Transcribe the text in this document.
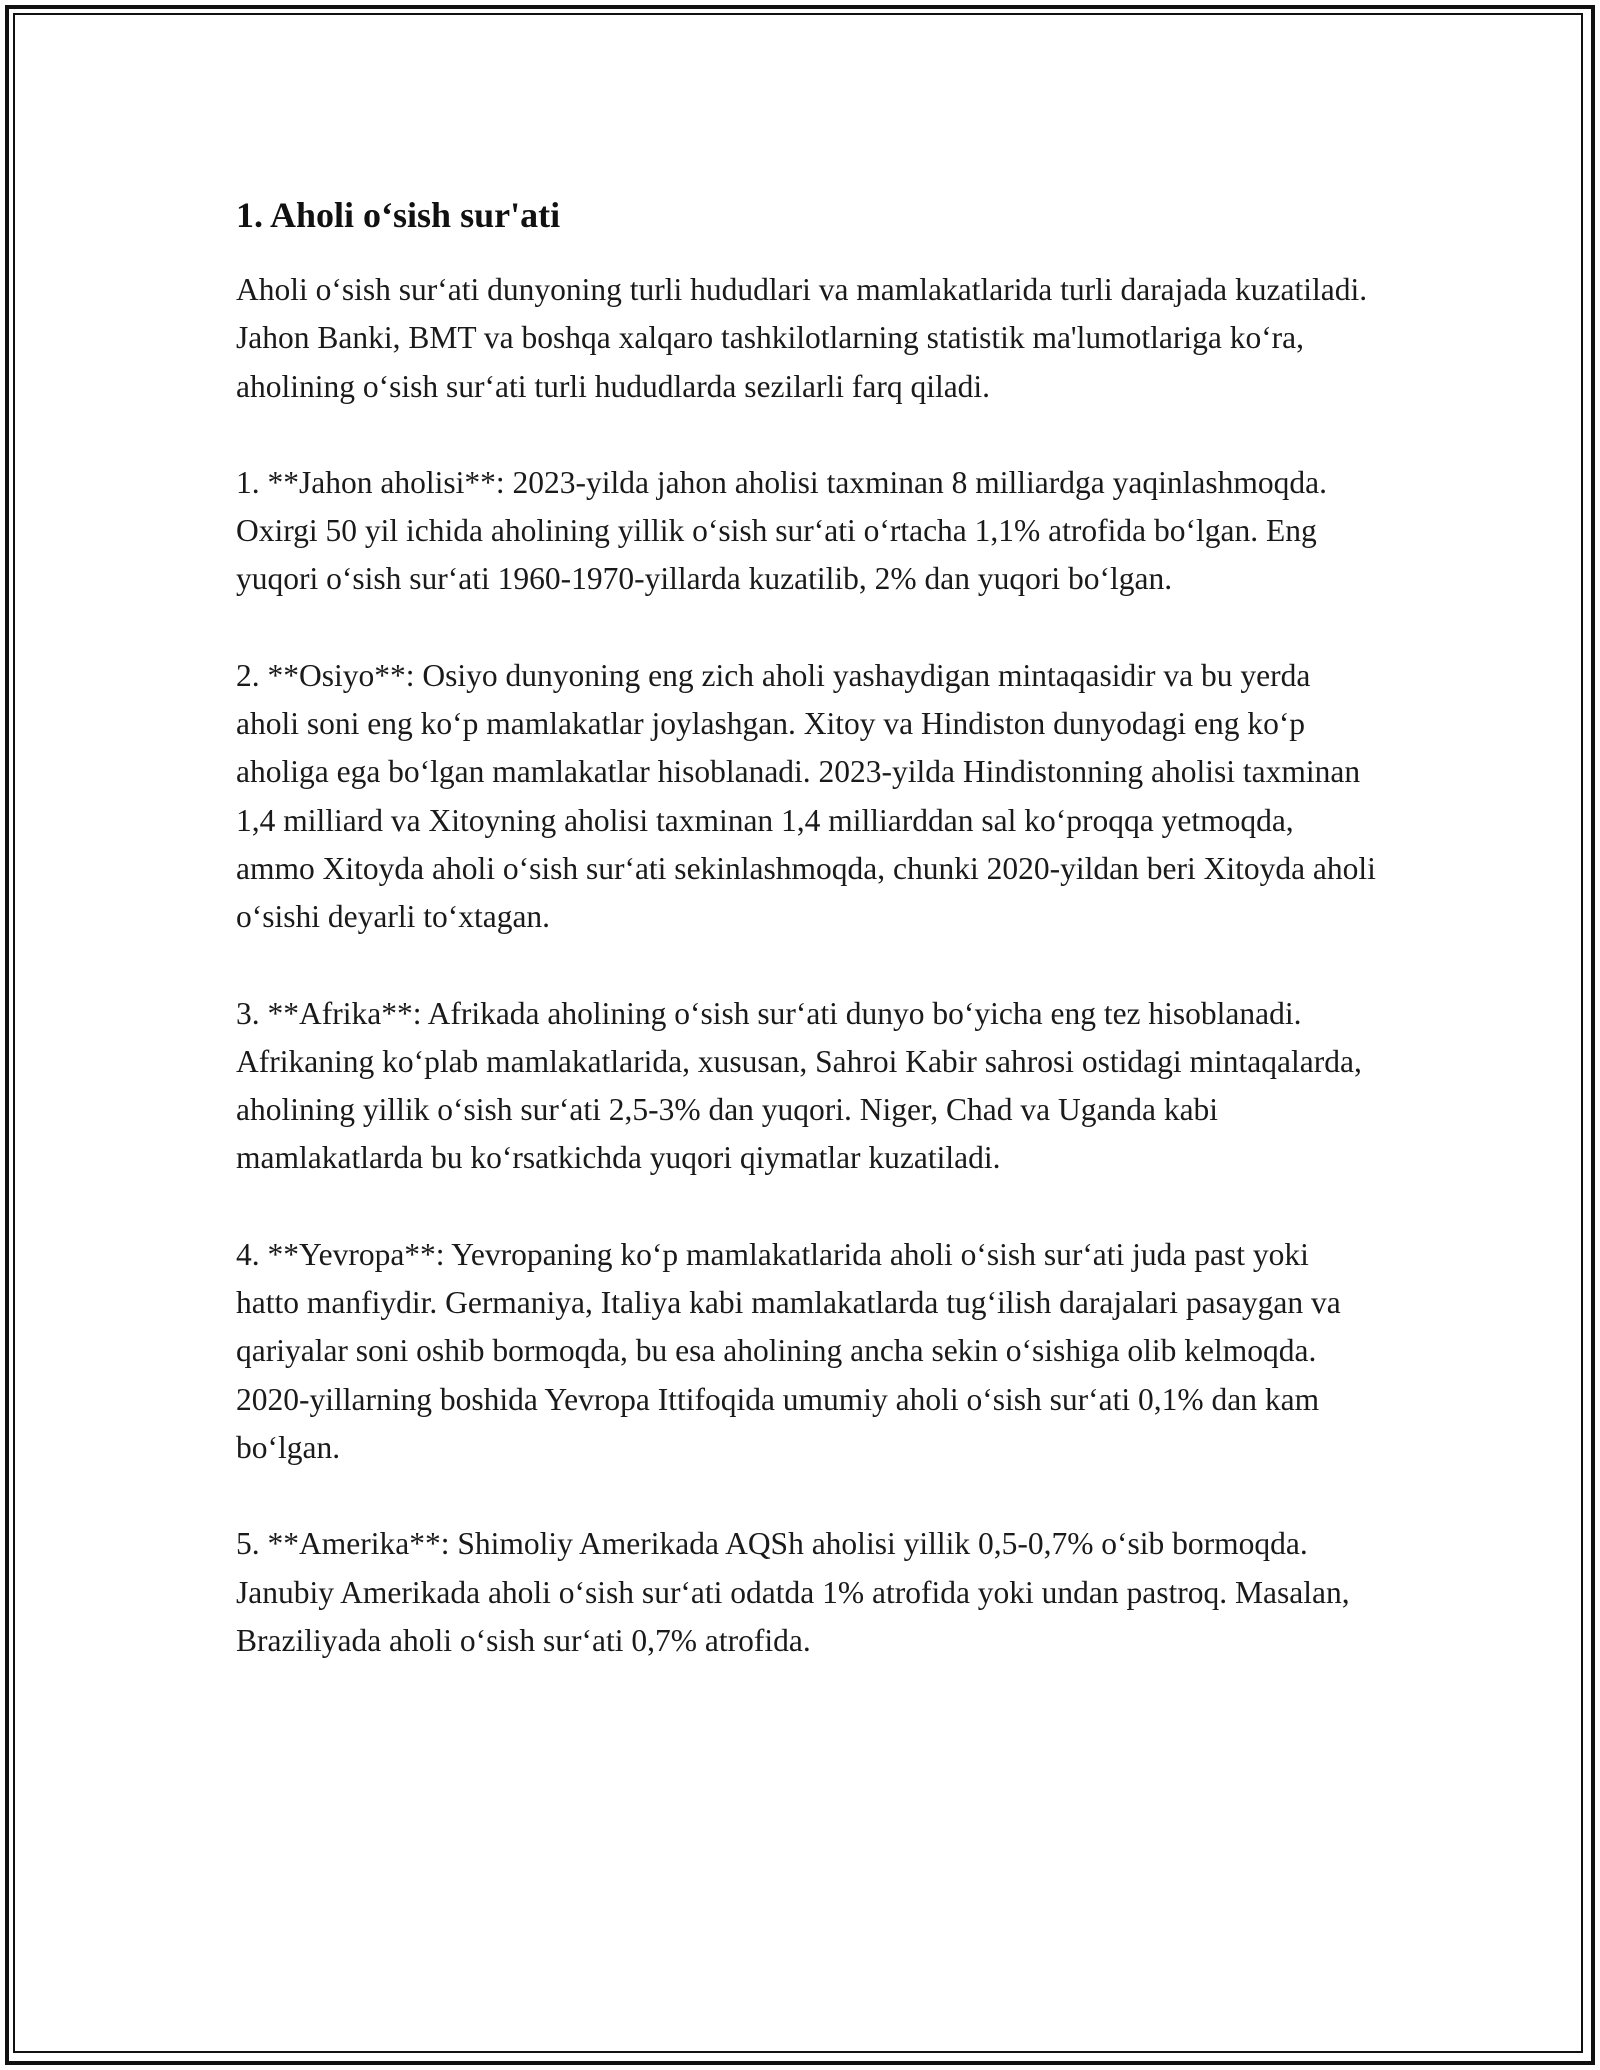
1. Aholi o‘sish sur'ati

Aholi o‘sish sur‘ati dunyoning turli hududlari va mamlakatlarida turli darajada kuzatiladi. Jahon Banki, BMT va boshqa xalqaro tashkilotlarning statistik ma'lumotlariga ko‘ra, aholining o‘sish sur‘ati turli hududlarda sezilarli farq qiladi.

1. **Jahon aholisi**: 2023-yilda jahon aholisi taxminan 8 milliardga yaqinlashmoqda. Oxirgi 50 yil ichida aholining yillik o‘sish sur‘ati o‘rtacha 1,1% atrofida bo‘lgan. Eng yuqori o‘sish sur‘ati 1960-1970-yillarda kuzatilib, 2% dan yuqori bo‘lgan.

2. **Osiyo**: Osiyo dunyoning eng zich aholi yashaydigan mintaqasidir va bu yerda aholi soni eng ko‘p mamlakatlar joylashgan. Xitoy va Hindiston dunyodagi eng ko‘p aholiga ega bo‘lgan mamlakatlar hisoblanadi. 2023-yilda Hindistonning aholisi taxminan 1,4 milliard va Xitoyning aholisi taxminan 1,4 milliarddan sal ko‘proqqa yetmoqda, ammo Xitoyda aholi o‘sish sur‘ati sekinlashmoqda, chunki 2020-yildan beri Xitoyda aholi o‘sishi deyarli to‘xtagan.

3. **Afrika**: Afrikada aholining o‘sish sur‘ati dunyo bo‘yicha eng tez hisoblanadi. Afrikaning ko‘plab mamlakatlarida, xususan, Sahroi Kabir sahrosi ostidagi mintaqalarda, aholining yillik o‘sish sur‘ati 2,5-3% dan yuqori. Niger, Chad va Uganda kabi mamlakatlarda bu ko‘rsatkichda yuqori qiymatlar kuzatiladi.

4. **Yevropa**: Yevropaning ko‘p mamlakatlarida aholi o‘sish sur‘ati juda past yoki hatto manfiydir. Germaniya, Italiya kabi mamlakatlarda tug‘ilish darajalari pasaygan va qariyalar soni oshib bormoqda, bu esa aholining ancha sekin o‘sishiga olib kelmoqda. 2020-yillarning boshida Yevropa Ittifoqida umumiy aholi o‘sish sur‘ati 0,1% dan kam bo‘lgan.

5. **Amerika**: Shimoliy Amerikada AQSh aholisi yillik 0,5-0,7% o‘sib bormoqda. Janubiy Amerikada aholi o‘sish sur‘ati odatda 1% atrofida yoki undan pastroq. Masalan, Braziliyada aholi o‘sish sur‘ati 0,7% atrofida.
